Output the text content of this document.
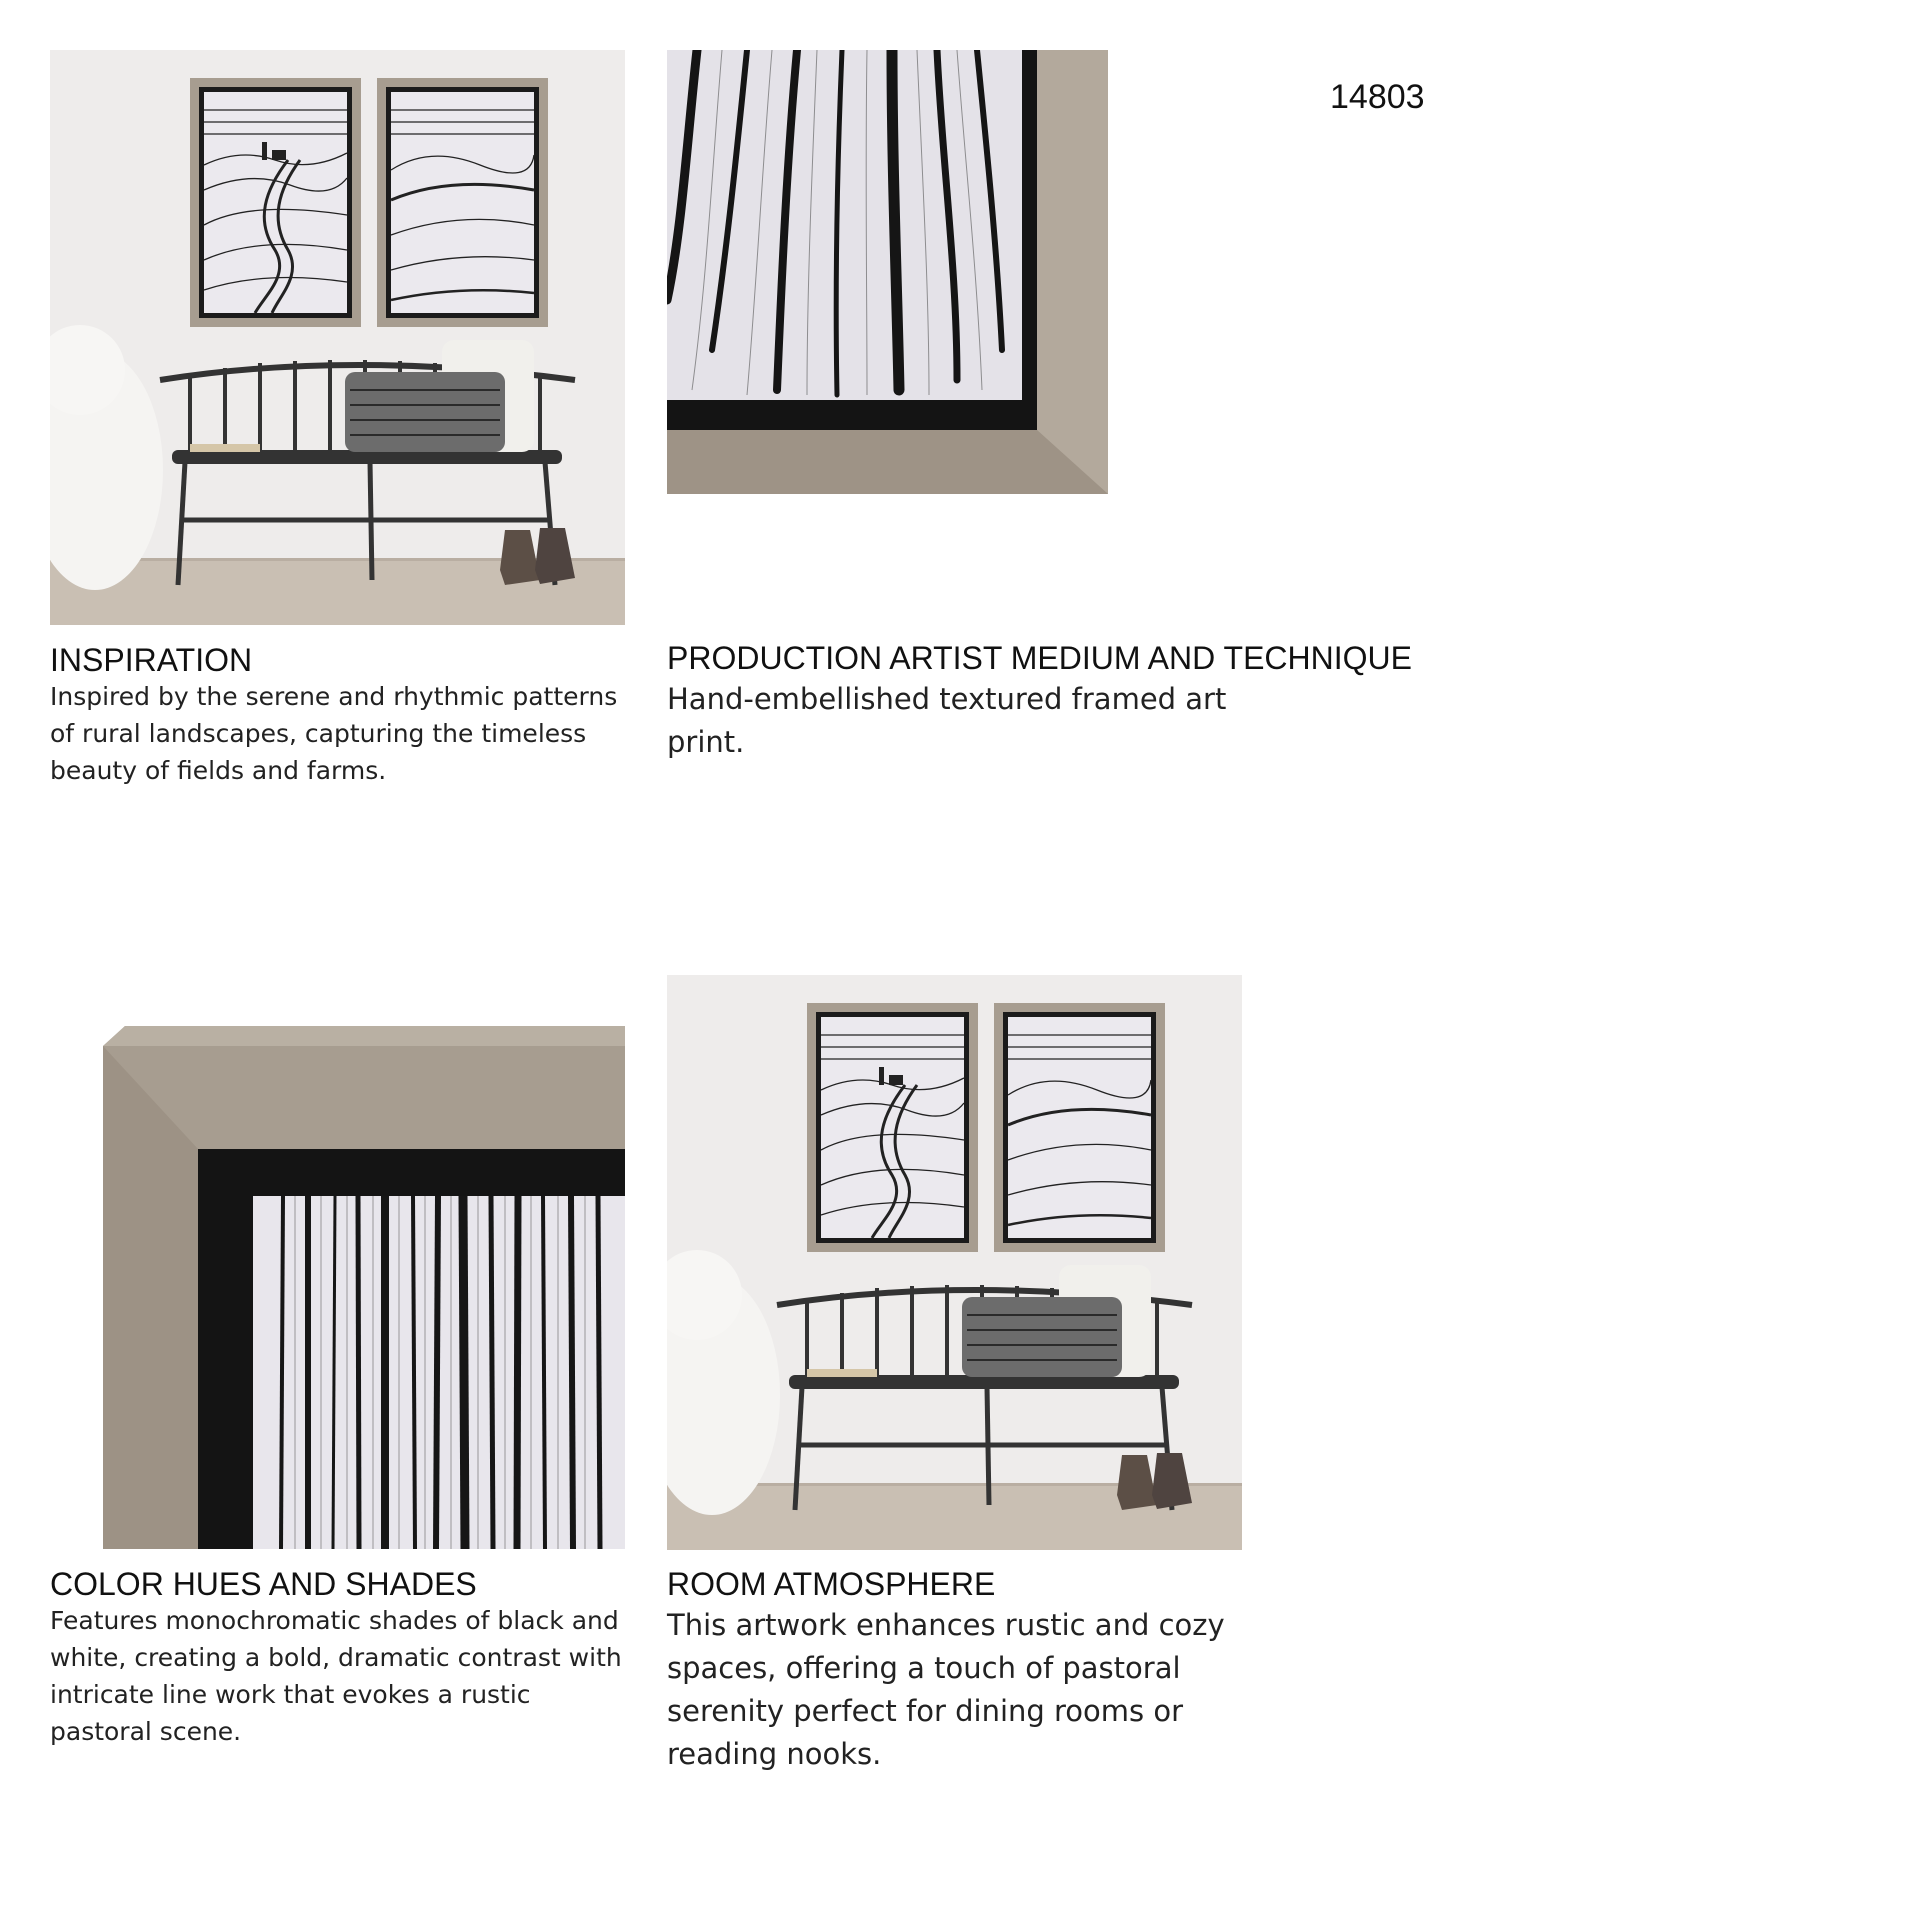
14803
INSPIRATION
Inspired by the serene and rhythmic patterns of rural landscapes, capturing the timeless beauty of fields and farms.
PRODUCTION ARTIST MEDIUM AND TECHNIQUE
Hand-embellished textured framed art print.
COLOR HUES AND SHADES
Features monochromatic shades of black and white, creating a bold, dramatic contrast with intricate line work that evokes a rustic pastoral scene.
ROOM ATMOSPHERE
This artwork enhances rustic and cozy spaces, offering a touch of pastoral serenity perfect for dining rooms or reading nooks.
